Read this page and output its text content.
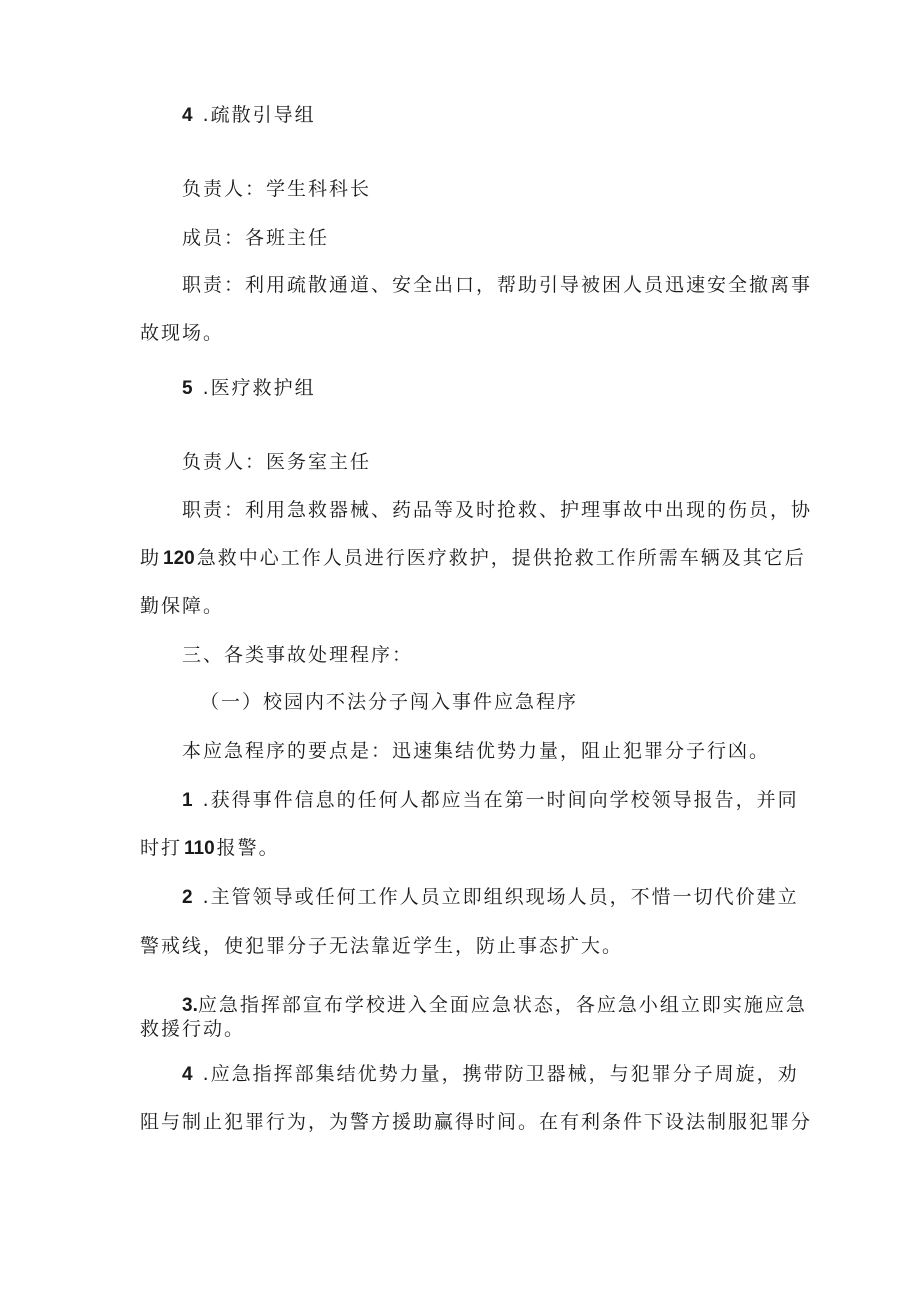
4 .疏散引导组
负责人：学生科科长
成员：各班主任
职责：利用疏散通道、安全出口，帮助引导被困人员迅速安全撤离事
故现场。
5 .医疗救护组
负责人：医务室主任
职责：利用急救器械、药品等及时抢救、护理事故中出现的伤员，协
助 120 急救中心工作人员进行医疗救护，提供抢救工作所需车辆及其它后
勤保障。
三、各类事故处理程序：
（一）校园内不法分子闯入事件应急程序
本应急程序的要点是：迅速集结优势力量，阻止犯罪分子行凶。
1 .获得事件信息的任何人都应当在第一时间向学校领导报告，并同
时打 110 报警。
2 .主管领导或任何工作人员立即组织现场人员，不惜一切代价建立
警戒线，使犯罪分子无法靠近学生，防止事态扩大。
3.应急指挥部宣布学校进入全面应急状态，各应急小组立即实施应急
救援行动。
4 .应急指挥部集结优势力量，携带防卫器械，与犯罪分子周旋，劝
阻与制止犯罪行为，为警方援助赢得时间。在有利条件下设法制服犯罪分
